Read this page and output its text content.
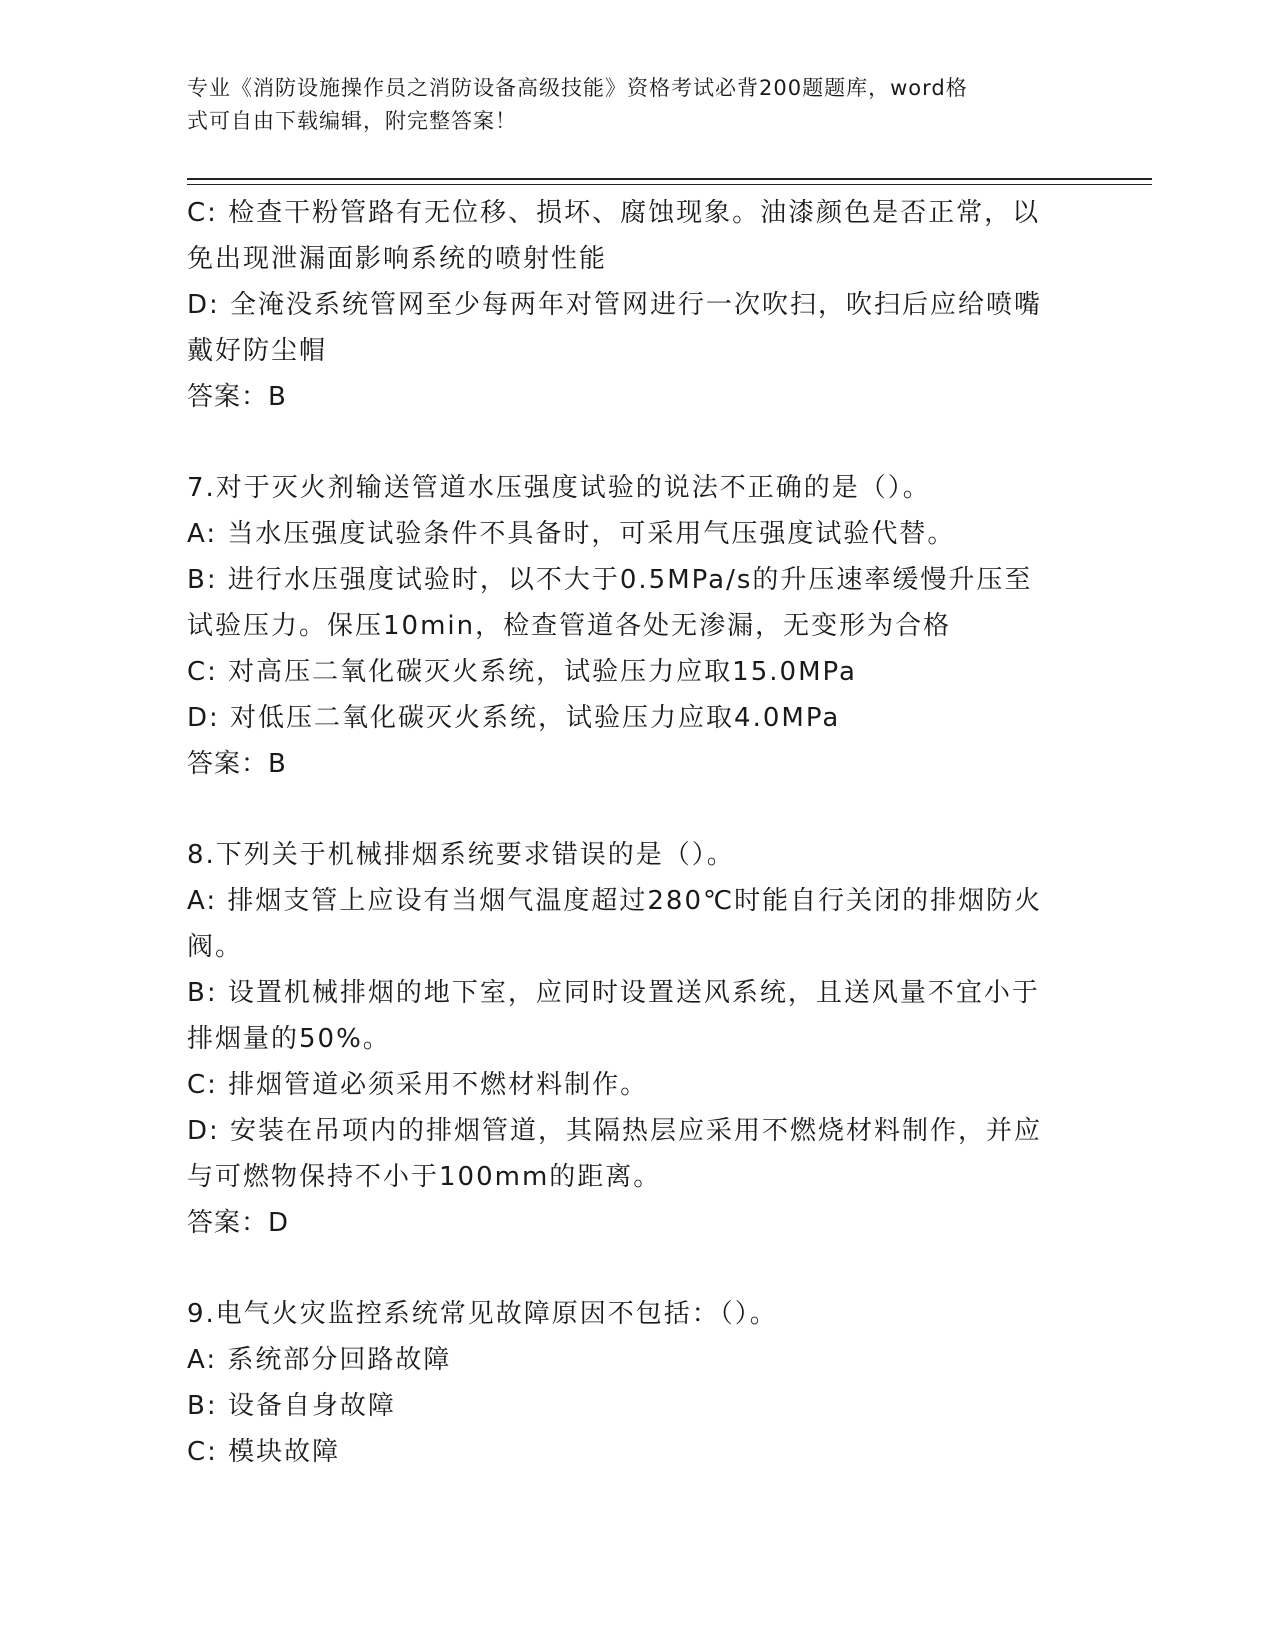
专业《消防设施操作员之消防设备高级技能》资格考试必背200题题库，word格
式可自由下载编辑，附完整答案！
C: 检查干粉管路有无位移、损坏、腐蚀现象。油漆颜色是否正常，以
免出现泄漏面影响系统的喷射性能
D: 全淹没系统管网至少每两年对管网进行一次吹扫，吹扫后应给喷嘴
戴好防尘帽
答案：B
7.对于灭火剂输送管道水压强度试验的说法不正确的是（）。
A: 当水压强度试验条件不具备时，可采用气压强度试验代替。
B: 进行水压强度试验时，以不大于0.5MPa/s的升压速率缓慢升压至
试验压力。保压10min，检查管道各处无渗漏，无变形为合格
C: 对高压二氧化碳灭火系统，试验压力应取15.0MPa
D: 对低压二氧化碳灭火系统，试验压力应取4.0MPa
答案：B
8.下列关于机械排烟系统要求错误的是（）。
A: 排烟支管上应设有当烟气温度超过280℃时能自行关闭的排烟防火
阀。
B: 设置机械排烟的地下室，应同时设置送风系统，且送风量不宜小于
排烟量的50%。
C: 排烟管道必须采用不燃材料制作。
D: 安装在吊项内的排烟管道，其隔热层应采用不燃烧材料制作，并应
与可燃物保持不小于100mm的距离。
答案：D
9.电气火灾监控系统常见故障原因不包括：（）。
A: 系统部分回路故障
B: 设备自身故障
C: 模块故障
